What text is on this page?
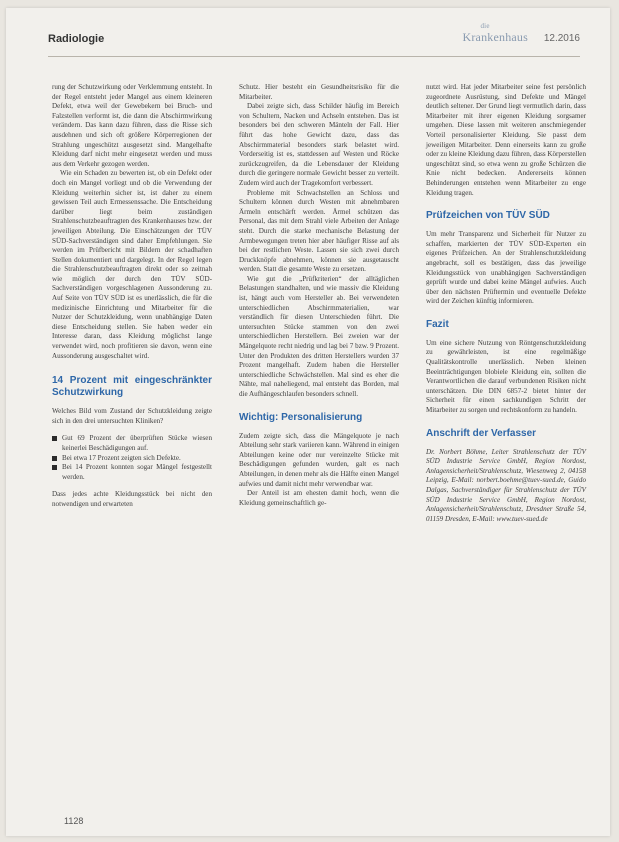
Radiologie
die
Krankenhaus 12.2016

rung der Schutzwirkung oder Verklemmung entsteht. In der Regel entsteht jeder Mangel aus einem kleineren Defekt, etwa weil der Gewebekern bei Bruch- und Falzstellen verformt ist, die dann die Abschirmwirkung verändern. Das kann dazu führen, dass die Risse sich ausdehnen und sich oft größere Körperregionen der Strahlung ungeschützt ausgesetzt sind. Mangelhafte Kleidung darf nicht mehr eingesetzt werden und muss aus dem Verkehr gezogen werden.

Wie ein Schaden zu bewerten ist, ob ein Defekt oder doch ein Mangel vorliegt und ob die Verwendung der Kleidung weiterhin sicher ist, ist daher zu einem gewissen Teil auch Ermessenssache. Die Entscheidung darüber liegt beim zuständigen Strahlenschutzbeauftragten des Krankenhauses bzw. der jeweiligen Abteilung. Die Einschätzungen der TÜV SÜD-Sachverständigen sind daher Empfehlungen. Sie werden im Prüfbericht mit Bildern der schadhaften Stellen dokumentiert und dargelegt. In der Regel legen die Strahlenschutzbeauftragten direkt oder so zeitnah wie möglich der durch den TÜV SÜD-Sachverständigen vorgeschlagenen Aussonderung zu. Auf Seite von TÜV SÜD ist es unerlässlich, die für die medizinische Einrichtung und Mitarbeiter für die Nutzer der Schutzkleidung, wenn unabhängige Daten diese Entscheidung stellen. Sie haben weder ein Interesse daran, dass Kleidung möglichst lange verwendet wird, noch profitieren sie davon, wenn eine Aussonderung ausgeschaltet wird.

14 Prozent mit eingeschränkter Schutzwirkung

Welches Bild vom Zustand der Schutzkleidung zeigte sich in den drei untersuchten Kliniken?

Gut 69 Prozent der überprüften Stücke wiesen keinerlei Beschädigungen auf.
Bei etwa 17 Prozent zeigten sich Defekte.
Bei 14 Prozent konnten sogar Mängel festgestellt werden.

Dass jedes achte Kleidungsstück bei nicht den notwendigen und erwarteten

Schutz. Hier besteht ein Gesundheitsrisiko für die Mitarbeiter.

Dabei zeigte sich, dass Schilder häufig im Bereich von Schultern, Nacken und Achseln entstehen. Das ist besonders bei den schweren Mänteln der Fall. Hier führt das hohe Gewicht dazu, dass das Abschirmmaterial besonders stark belastet wird. Vorderseitig ist es, stattdessen auf Westen und Röcke zurückzugreifen, da die Lebensdauer der Kleidung durch die geringere normale Gewicht besser zu verteilt. Zudem wird auch der Tragekomfort verbessert.

Probleme mit Schwachstellen an Schloss und Schultern können durch Westen mit abnehmbaren Ärmeln entschärft werden. Ärmel schützen das Personal, das mit dem Strahl viele Arbeiten der Anlage steht. Durch die starke mechanische Belastung der Armbewegungen treten hier aber häufiger Risse auf als bei der restlichen Weste. Lassen sie sich zwei durch Druckknöpfe abnehmen, können sie ausgetauscht werden. Statt die gesamte Weste zu ersetzen.

Wie gut die „Prüfkriterien“ der alltäglichen Belastungen standhalten, und wie massiv die Kleidung ist, hängt auch vom Hersteller ab. Bei verwendeten unterschiedlichen Abschirmmaterialien, war verständlich für diesen Unterschieden führt. Die untersuchten Stücke stammen von den zwei unterschiedlichen Herstellern. Bei zweien war der Mängelquote recht niedrig und lag bei 7 bzw. 9 Prozent. Unter den Produkten des dritten Herstellers wurden 37 Prozent mangelhaft. Zudem haben die Hersteller unterschiedliche Schwächstellen. Mal sind es eher die Nähte, mal naheliegend, mal entsteht das Borden, mal die Aufhängeschlaufen besonders schnell.

Wichtig: Personalisierung

Zudem zeigte sich, dass die Mängelquote je nach Abteilung sehr stark variieren kann. Während in einigen Abteilungen keine oder nur vereinzelte Stücke mit Beschädigungen gefunden wurden, galt es nach Abteilungen, in denen mehr als die Hälfte einen Mangel aufwies und damit nicht mehr verwendbar war.

Der Anteil ist am ehesten damit hoch, wenn die Kleidung gemeinschaftlich ge-

nutzt wird. Hat jeder Mitarbeiter seine fest persönlich zugeordnete Ausrüstung, sind Defekte und Mängel deutlich seltener. Der Grund liegt vermutlich darin, dass Mitarbeiter mit ihrer eigenen Kleidung sorgsamer umgehen. Diese lassen mit weiteren anschmiegender Vorteil personalisierter Kleidung. Sie passt dem jeweiligen Mitarbeiter. Denn einerseits kann zu große oder zu kleine Kleidung dazu führen, dass Körperstellen ungeschützt sind, so etwa wenn zu große Schürzen die Knie nicht bedecken. Andererseits können Behinderungen entstehen wenn Mitarbeiter zu enge Kleidung tragen.

Prüfzeichen von TÜV SÜD

Um mehr Transparenz und Sicherheit für Nutzer zu schaffen, markierten der TÜV SÜD-Experten ein eigenes Prüfzeichen. An der Strahlenschutzkleidung angebracht, soll es bestätigen, dass das jeweilige Kleidungsstück von unabhängigen Sachverständigen geprüft wurde und dabei keine Mängel aufwies. Auch über den nächsten Prüftermin und eventuelle Defekte wird der Zeichen künftig informieren.

Fazit

Um eine sichere Nutzung von Röntgenschutzkleidung zu gewährleisten, ist eine regelmäßige Qualitätskontrolle unerlässlich. Neben kleinen Beeinträchtigungen blobiele Kleidung ein, sollten die Verantwortlichen die darauf verbundenen Risiken nicht unterschätzen. Die DIN 6857-2 bietet hinter der Sicherheit für einen sachkundigen Schritt der Mitarbeiter zu sorgen und rechtskonform zu handeln.

Anschrift der Verfasser

Dr. Norbert Böhme, Leiter Strahlenschutz der TÜV SÜD Industrie Service GmbH, Region Nordost, Anlagensicherheit/Strahlenschutz, Wiesenweg 2, 04158 Leipzig, E-Mail: norbert.boehme@tuev-sued.de, Guido Dalgas, Sachverständiger für Strahlenschutz der TÜV SÜD Industrie Service GmbH, Region Nordost, Anlagensicherheit/Strahlenschutz, Dresdner Straße 54, 01159 Dresden, E-Mail: www.tuev-sued.de

1128
